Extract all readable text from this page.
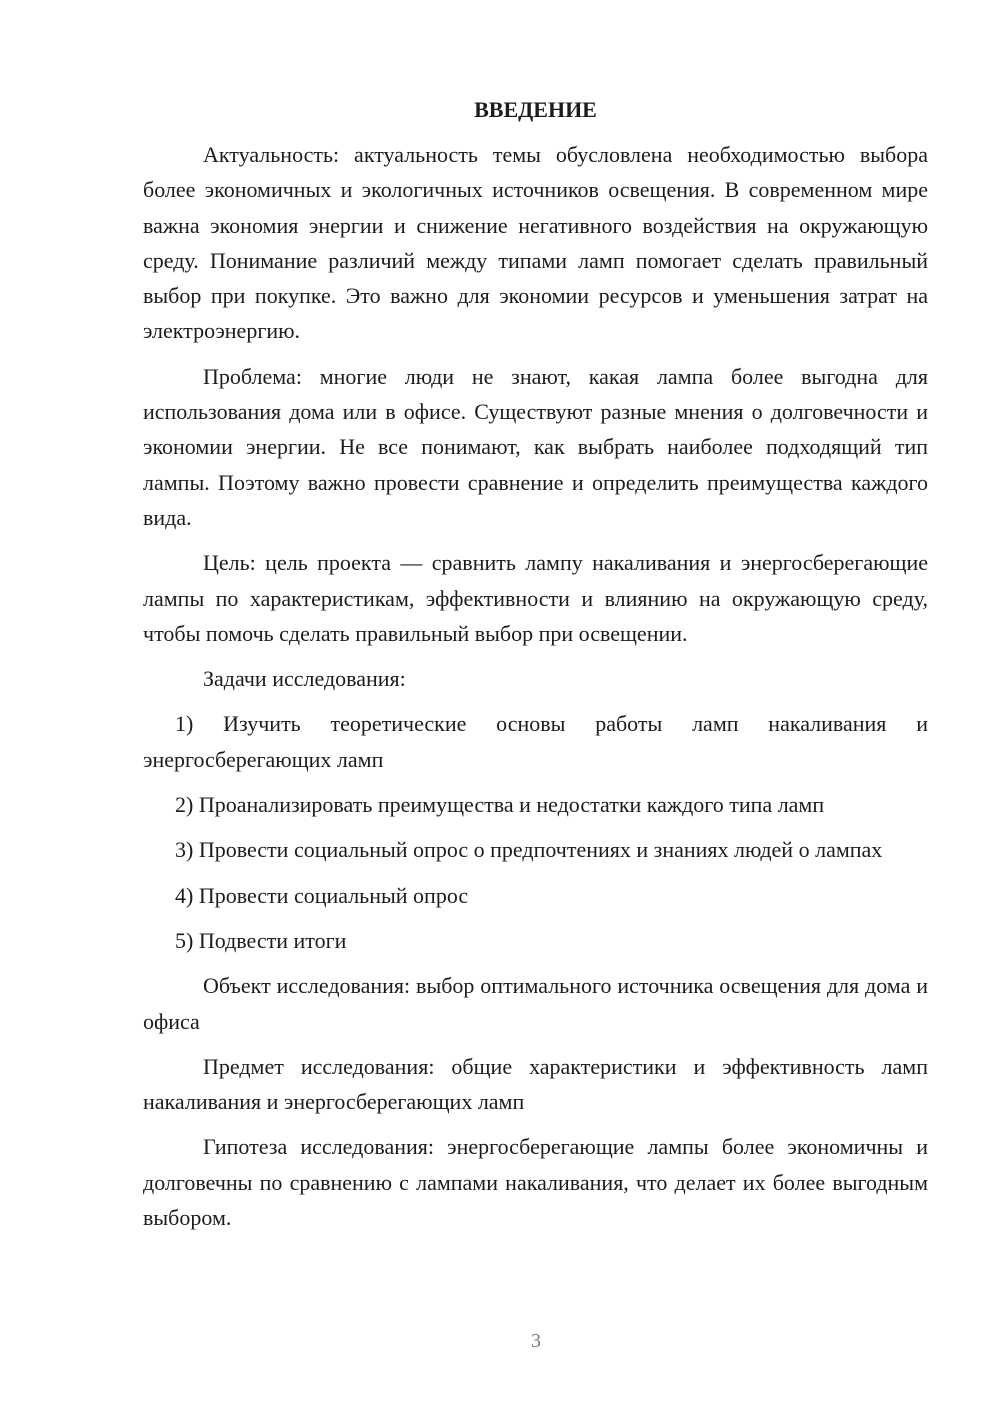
ВВЕДЕНИЕ

Актуальность: актуальность темы обусловлена необходимостью выбора более экономичных и экологичных источников освещения. В современном мире важна экономия энергии и снижение негативного воздействия на окружающую среду. Понимание различий между типами ламп помогает сделать правильный выбор при покупке. Это важно для экономии ресурсов и уменьшения затрат на электроэнергию.

Проблема: многие люди не знают, какая лампа более выгодна для использования дома или в офисе. Существуют разные мнения о долговечности и экономии энергии. Не все понимают, как выбрать наиболее подходящий тип лампы. Поэтому важно провести сравнение и определить преимущества каждого вида.

Цель: цель проекта — сравнить лампу накаливания и энергосберегающие лампы по характеристикам, эффективности и влиянию на окружающую среду, чтобы помочь сделать правильный выбор при освещении.

Задачи исследования:

1) Изучить теоретические основы работы ламп накаливания и энергосберегающих ламп

2) Проанализировать преимущества и недостатки каждого типа ламп

3) Провести социальный опрос о предпочтениях и знаниях людей о лампах

4) Провести социальный опрос

5) Подвести итоги

Объект исследования: выбор оптимального источника освещения для дома и офиса

Предмет исследования: общие характеристики и эффективность ламп накаливания и энергосберегающих ламп

Гипотеза исследования: энергосберегающие лампы более экономичны и долговечны по сравнению с лампами накаливания, что делает их более выгодным выбором.

3
